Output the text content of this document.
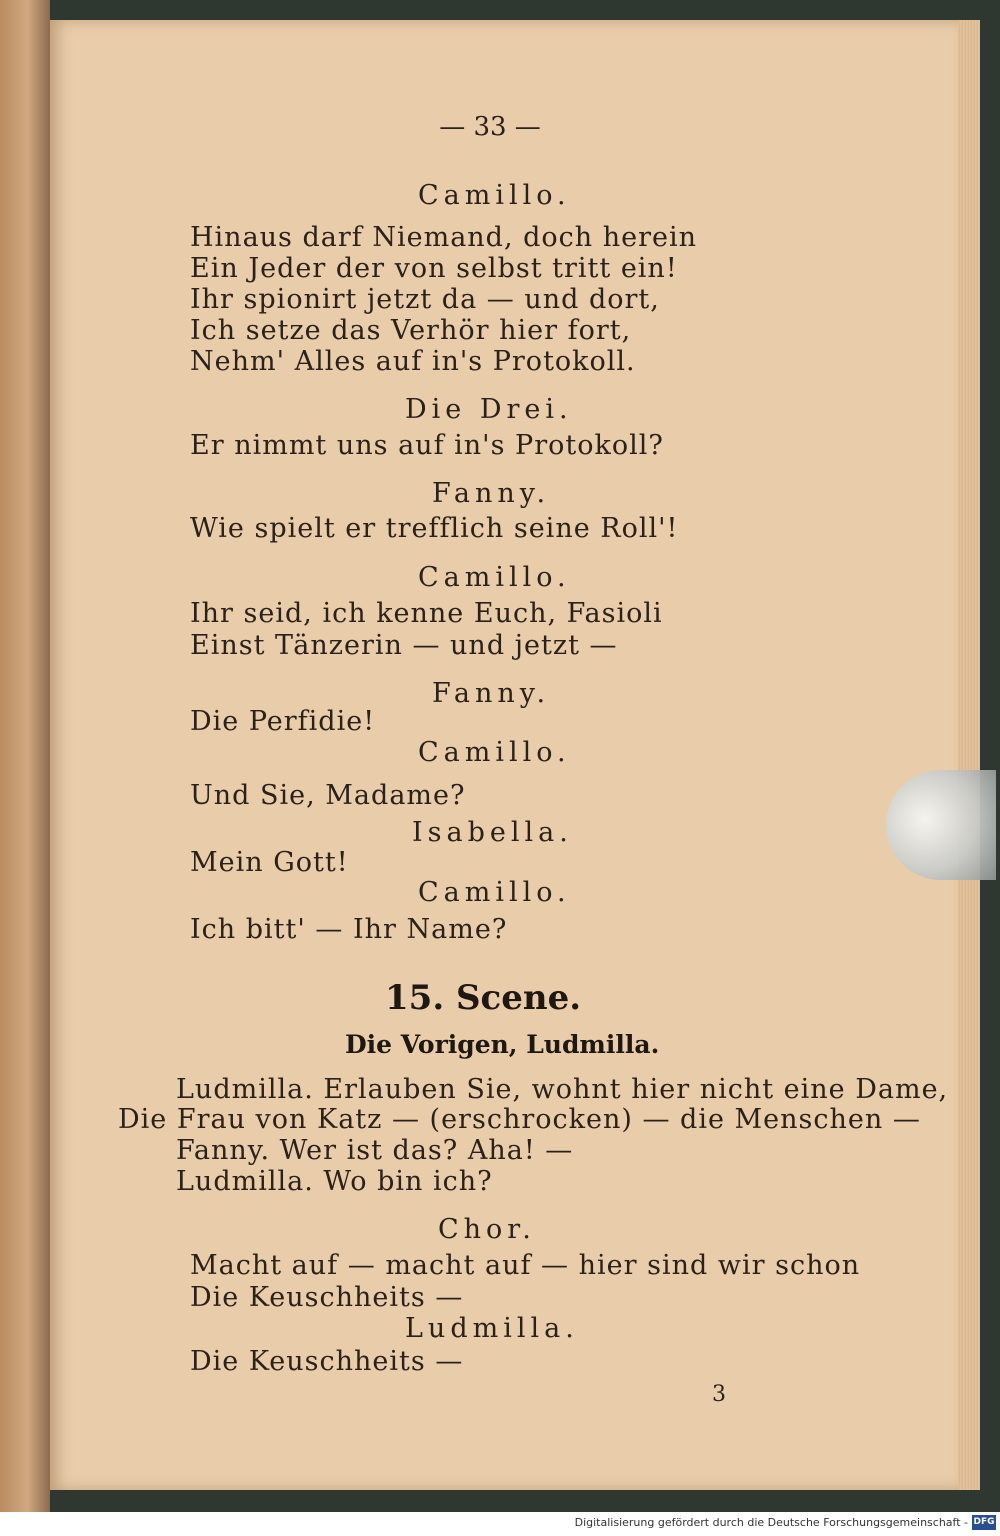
— 33 —
Camillo.
Hinaus darf Niemand, doch herein
Ein Jeder der von selbst tritt ein!
Ihr spionirt jetzt da — und dort,
Ich setze das Verhör hier fort,
Nehm' Alles auf in's Protokoll.
Die Drei.
Er nimmt uns auf in's Protokoll?
Fanny.
Wie spielt er trefflich seine Roll'!
Camillo.
Ihr seid, ich kenne Euch, Fasioli
Einst Tänzerin — und jetzt —
Fanny.
Die Perfidie!
Camillo.
Und Sie, Madame?
Isabella.
Mein Gott!
Camillo.
Ich bitt' — Ihr Name?
15. Scene.
Die Vorigen, Ludmilla.
Ludmilla. Erlauben Sie, wohnt hier nicht eine Dame,
Die Frau von Katz — (erschrocken) — die Menschen —
Fanny. Wer ist das? Aha! —
Ludmilla. Wo bin ich?
Chor.
Macht auf — macht auf — hier sind wir schon
Die Keuschheits —
Ludmilla.
Die Keuschheits —
3
Digitalisierung gefördert durch die Deutsche Forschungsgemeinschaft - DFG
